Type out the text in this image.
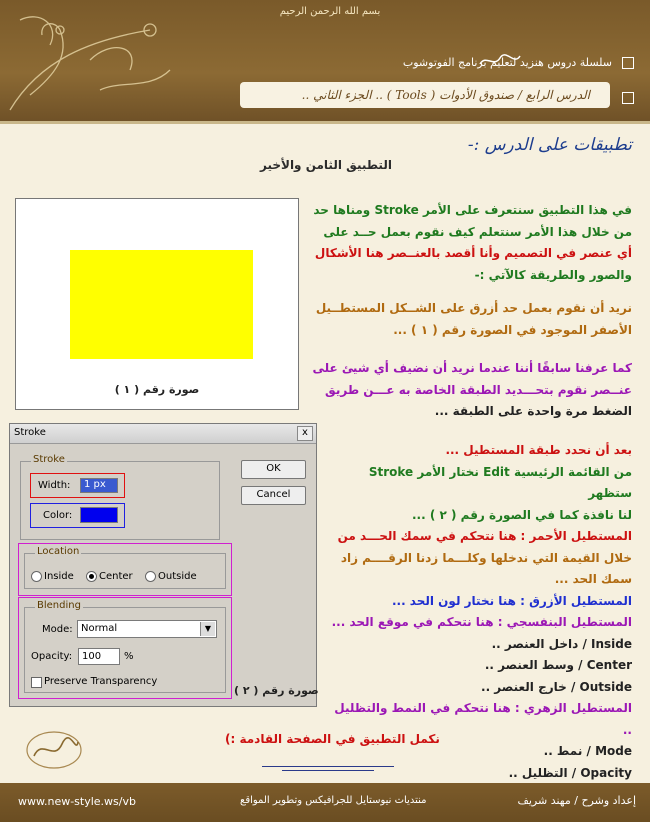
بسم الله الرحمن الرحيم
سلسلة دروس هنزيد لتعليم برنامج الفوتوشوب
الدرس الرابع / صندوق الأدوات ( Tools ) .. الجزء الثاني ..
تطبيقات على الدرس :-
التطبيق الثامن والأخير
صورة رقم ( ١ )
في هذا التطبيق سنتعرف على الأمر Stroke ومناها حد
من خلال هذا الأمر سنتعلم كيف نقوم بعمل حــد على
أي عنصر في التصميم وأنا أقصد بالعنــصر هنا الأشكال
والصور والطريقة كالآتي :-
نريد أن نقوم بعمل حد أزرق على الشــكل المستطــيل
الأصفر الموجود في الصورة رقم ( ١ ) ...
كما عرفنا سابقًا أننا عندما نريد أن نضيف أي شيئ على
عنــصر نقوم بتحـــديد الطبقة الخاصة به عـــن طريق
الضغط مرة واحدة على الطبقة ...
بعد أن نحدد طبقة المستطيل ...
من القائمة الرئيسية Edit نختار الأمر Stroke ستظهر
لنا نافذة كما في الصورة رقم ( ٢ ) ...
المستطيل الأحمر : هنا نتحكم في سمك الحـــد من
خلال القيمة التي ندخلها وكلـــما زدنا الرقــــم زاد
سمك الحد ...
المستطيل الأزرق : هنا نختار لون الحد ...
المستطيل البنفسجي : هنا نتحكم في موقع الحد ...
Inside / داخل العنصر ..
Center / وسط العنصر ..
Outside / خارج العنصر ..
المستطيل الزهري : هنا نتحكم في النمط والتظليل ..
Mode / نمط ..
Opacity / التظليل ..
Stroke	x
Stroke
Width:	1 px
Color:
OK
Cancel
Location
Inside	Center	Outside
Blending
Mode: Normal	▼
Opacity: 100	%
Preserve Transparency
صورة رقم ( ٢ )
نكمل التطبيق في الصفحة القادمة :)
www.new-style.ws/vb	منتديات نيوستايل للجرافيكس وتطوير المواقع	إعداد وشرح / مهند شريف
